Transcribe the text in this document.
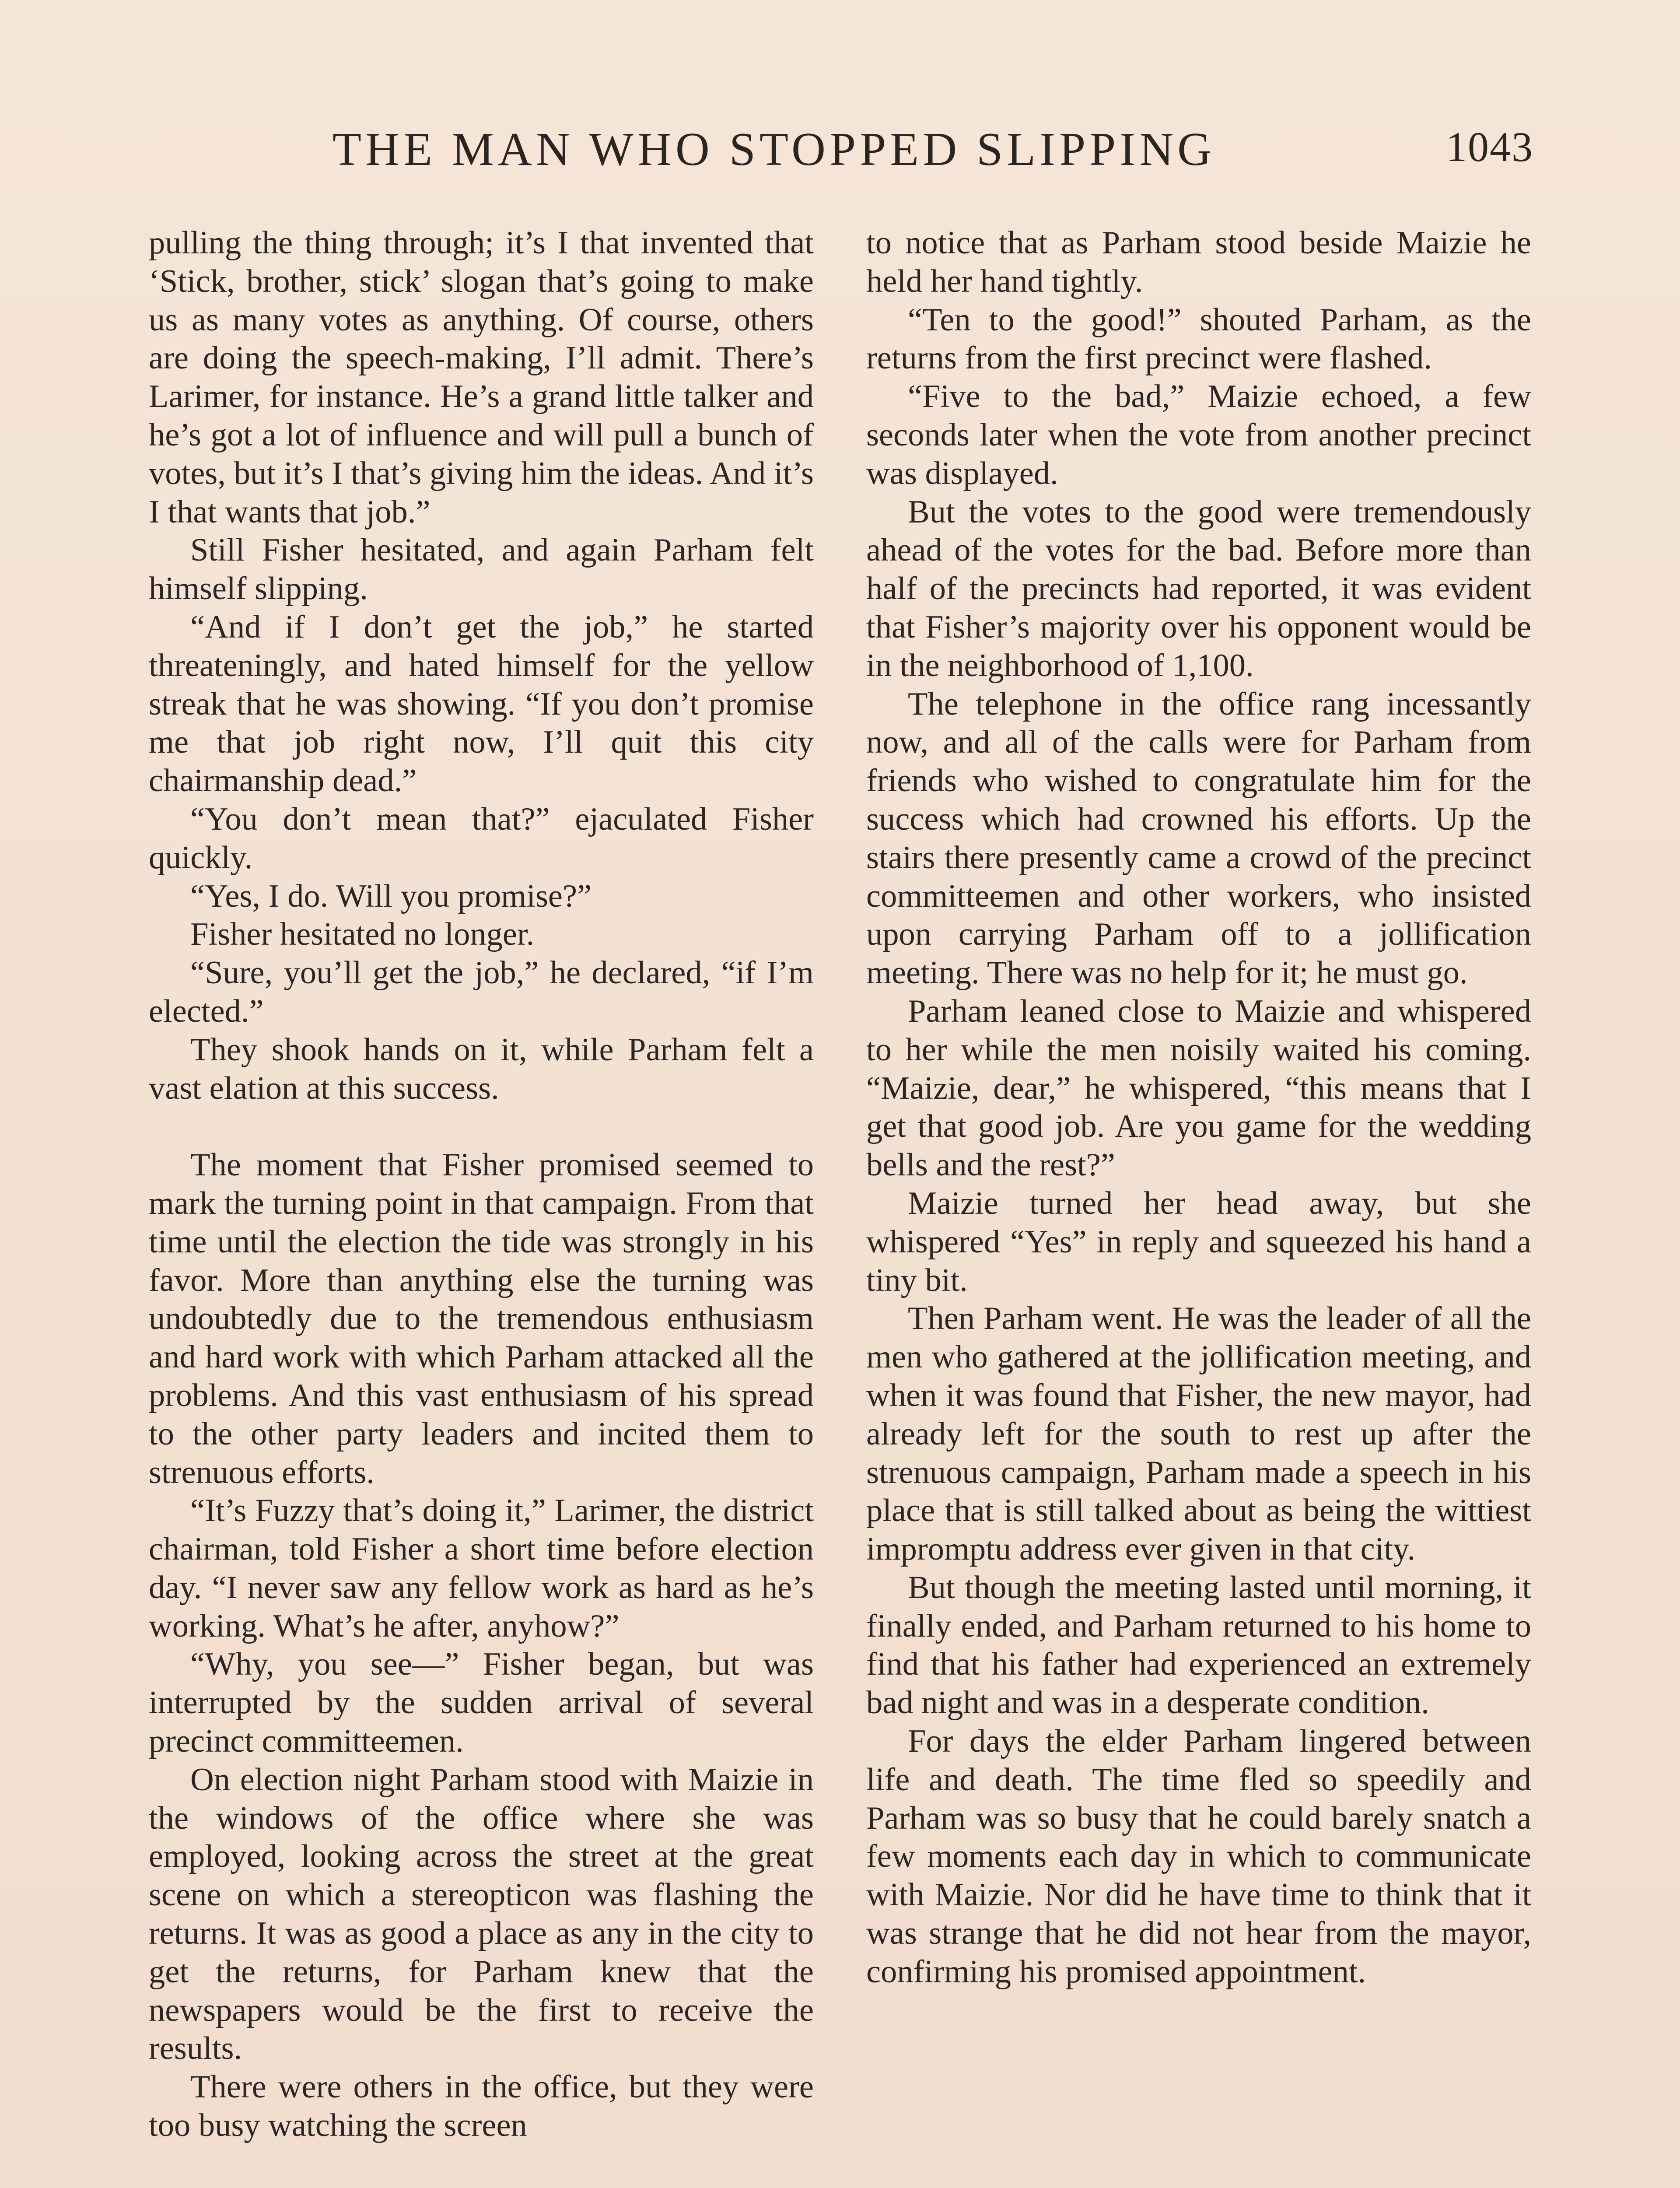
THE MAN WHO STOPPED SLIPPING	1043

pulling the thing through; it’s I that invented that ‘Stick, brother, stick’ slogan that’s going to make us as many votes as anything. Of course, others are doing the speech-making, I’ll admit. There’s Larimer, for instance. He’s a grand little talker and he’s got a lot of influence and will pull a bunch of votes, but it’s I that’s giving him the ideas. And it’s I that wants that job.”

Still Fisher hesitated, and again Parham felt himself slipping.

“And if I don’t get the job,” he started threateningly, and hated himself for the yellow streak that he was showing. “If you don’t promise me that job right now, I’ll quit this city chairmanship dead.”

“You don’t mean that?” ejaculated Fisher quickly.

“Yes, I do. Will you promise?”

Fisher hesitated no longer.

“Sure, you’ll get the job,” he declared, “if I’m elected.”

They shook hands on it, while Parham felt a vast elation at this success.

The moment that Fisher promised seemed to mark the turning point in that campaign. From that time until the election the tide was strongly in his favor. More than anything else the turning was undoubtedly due to the tremendous enthusiasm and hard work with which Parham attacked all the problems. And this vast enthusiasm of his spread to the other party leaders and incited them to strenuous efforts.

“It’s Fuzzy that’s doing it,” Larimer, the district chairman, told Fisher a short time before election day. “I never saw any fellow work as hard as he’s working. What’s he after, anyhow?”

“Why, you see—” Fisher began, but was interrupted by the sudden arrival of several precinct committeemen.

On election night Parham stood with Maizie in the windows of the office where she was employed, looking across the street at the great scene on which a stereopticon was flashing the returns. It was as good a place as any in the city to get the returns, for Parham knew that the newspapers would be the first to receive the results.

There were others in the office, but they were too busy watching the screen

to notice that as Parham stood beside Maizie he held her hand tightly.

“Ten to the good!” shouted Parham, as the returns from the first precinct were flashed.

“Five to the bad,” Maizie echoed, a few seconds later when the vote from another precinct was displayed.

But the votes to the good were tremendously ahead of the votes for the bad. Before more than half of the precincts had reported, it was evident that Fisher’s majority over his opponent would be in the neighborhood of 1,100.

The telephone in the office rang incessantly now, and all of the calls were for Parham from friends who wished to congratulate him for the success which had crowned his efforts. Up the stairs there presently came a crowd of the precinct committeemen and other workers, who insisted upon carrying Parham off to a jollification meeting. There was no help for it; he must go.

Parham leaned close to Maizie and whispered to her while the men noisily waited his coming. “Maizie, dear,” he whispered, “this means that I get that good job. Are you game for the wedding bells and the rest?”

Maizie turned her head away, but she whispered “Yes” in reply and squeezed his hand a tiny bit.

Then Parham went. He was the leader of all the men who gathered at the jollification meeting, and when it was found that Fisher, the new mayor, had already left for the south to rest up after the strenuous campaign, Parham made a speech in his place that is still talked about as being the wittiest impromptu address ever given in that city.

But though the meeting lasted until morning, it finally ended, and Parham returned to his home to find that his father had experienced an extremely bad night and was in a desperate condition.

For days the elder Parham lingered between life and death. The time fled so speedily and Parham was so busy that he could barely snatch a few moments each day in which to communicate with Maizie. Nor did he have time to think that it was strange that he did not hear from the mayor, confirming his promised appointment.
